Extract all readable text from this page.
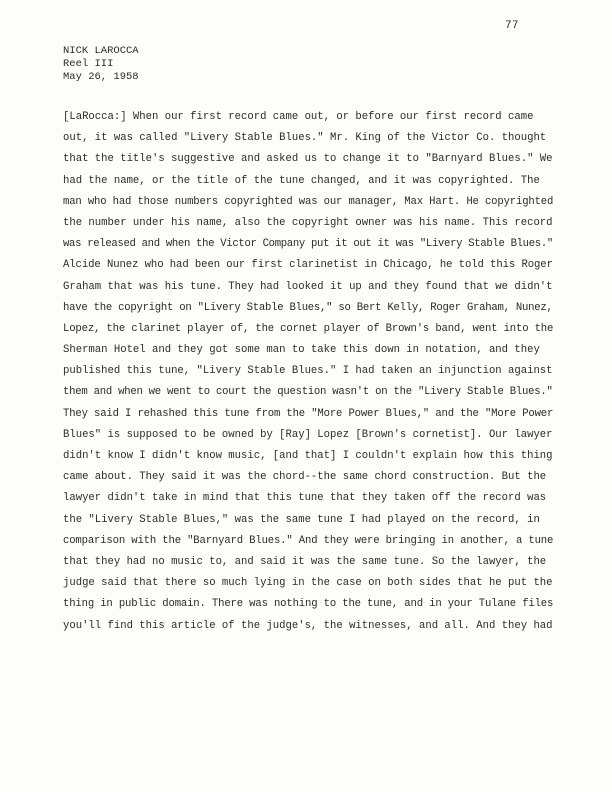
77
NICK LAROCCA
Reel III
May 26, 1958
[LaRocca:] When our first record came out, or before our first record came
out, it was called "Livery Stable Blues." Mr. King of the Victor Co. thought
that the title's suggestive and asked us to change it to "Barnyard Blues." We
had the name, or the title of the tune changed, and it was copyrighted. The
man who had those numbers copyrighted was our manager, Max Hart. He copyrighted
the number under his name, also the copyright owner was his name. This record
was released and when the Victor Company put it out it was "Livery Stable Blues."
Alcide Nunez who had been our first clarinetist in Chicago, he told this Roger
Graham that was his tune. They had looked it up and they found that we didn't
have the copyright on "Livery Stable Blues," so Bert Kelly, Roger Graham, Nunez,
Lopez, the clarinet player of, the cornet player of Brown's band, went into the
Sherman Hotel and they got some man to take this down in notation, and they
published this tune, "Livery Stable Blues." I had taken an injunction against
them and when we went to court the question wasn't on the "Livery Stable Blues."
They said I rehashed this tune from the "More Power Blues," and the "More Power
Blues" is supposed to be owned by [Ray] Lopez [Brown's cornetist]. Our lawyer
didn't know I didn't know music, [and that] I couldn't explain how this thing
came about. They said it was the chord--the same chord construction. But the
lawyer didn't take in mind that this tune that they taken off the record was
the "Livery Stable Blues," was the same tune I had played on the record, in
comparison with the "Barnyard Blues." And they were bringing in another, a tune
that they had no music to, and said it was the same tune. So the lawyer, the
judge said that there so much lying in the case on both sides that he put the
thing in public domain. There was nothing to the tune, and in your Tulane files
you'll find this article of the judge's, the witnesses, and all. And they had
